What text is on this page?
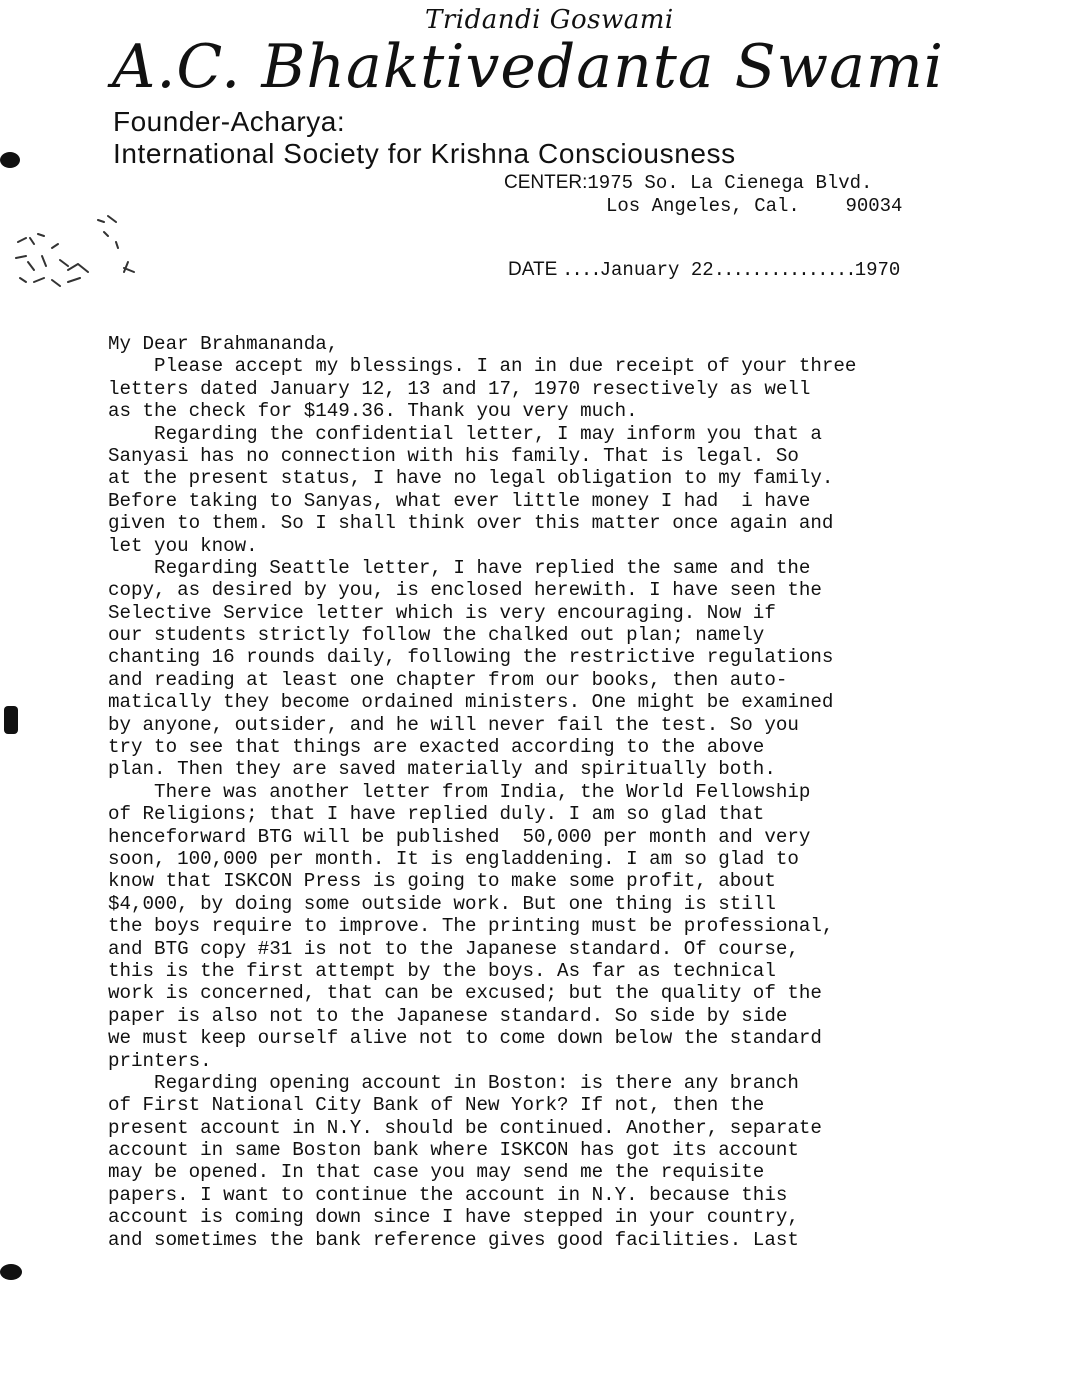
Tridandi Goswami
A.C. Bhaktivedanta Swami
Founder-Acharya:
International Society for Krishna Consciousness
CENTER:1975 So. La Cienega Blvd.
Los Angeles, Cal.    90034
DATE ....January 22...............1970
My Dear Brahmananda,
Please accept my blessings. I an in due receipt of your three
letters dated January 12, 13 and 17, 1970 resectively as well
as the check for $149.36. Thank you very much.
Regarding the confidential letter, I may inform you that a
Sanyasi has no connection with his family. That is legal. So
at the present status, I have no legal obligation to my family.
Before taking to Sanyas, what ever little money I had  i have
given to them. So I shall think over this matter once again and
let you know.
Regarding Seattle letter, I have replied the same and the
copy, as desired by you, is enclosed herewith. I have seen the
Selective Service letter which is very encouraging. Now if
our students strictly follow the chalked out plan; namely
chanting 16 rounds daily, following the restrictive regulations
and reading at least one chapter from our books, then auto-
matically they become ordained ministers. One might be examined
by anyone, outsider, and he will never fail the test. So you
try to see that things are exacted according to the above
plan. Then they are saved materially and spiritually both.
There was another letter from India, the World Fellowship
of Religions; that I have replied duly. I am so glad that
henceforward BTG will be published  50,000 per month and very
soon, 100,000 per month. It is engladdening. I am so glad to
know that ISKCON Press is going to make some profit, about
$4,000, by doing some outside work. But one thing is still
the boys require to improve. The printing must be professional,
and BTG copy #31 is not to the Japanese standard. Of course,
this is the first attempt by the boys. As far as technical
work is concerned, that can be excused; but the quality of the
paper is also not to the Japanese standard. So side by side
we must keep ourself alive not to come down below the standard
printers.
Regarding opening account in Boston: is there any branch
of First National City Bank of New York? If not, then the
present account in N.Y. should be continued. Another, separate
account in same Boston bank where ISKCON has got its account
may be opened. In that case you may send me the requisite
papers. I want to continue the account in N.Y. because this
account is coming down since I have stepped in your country,
and sometimes the bank reference gives good facilities. Last
